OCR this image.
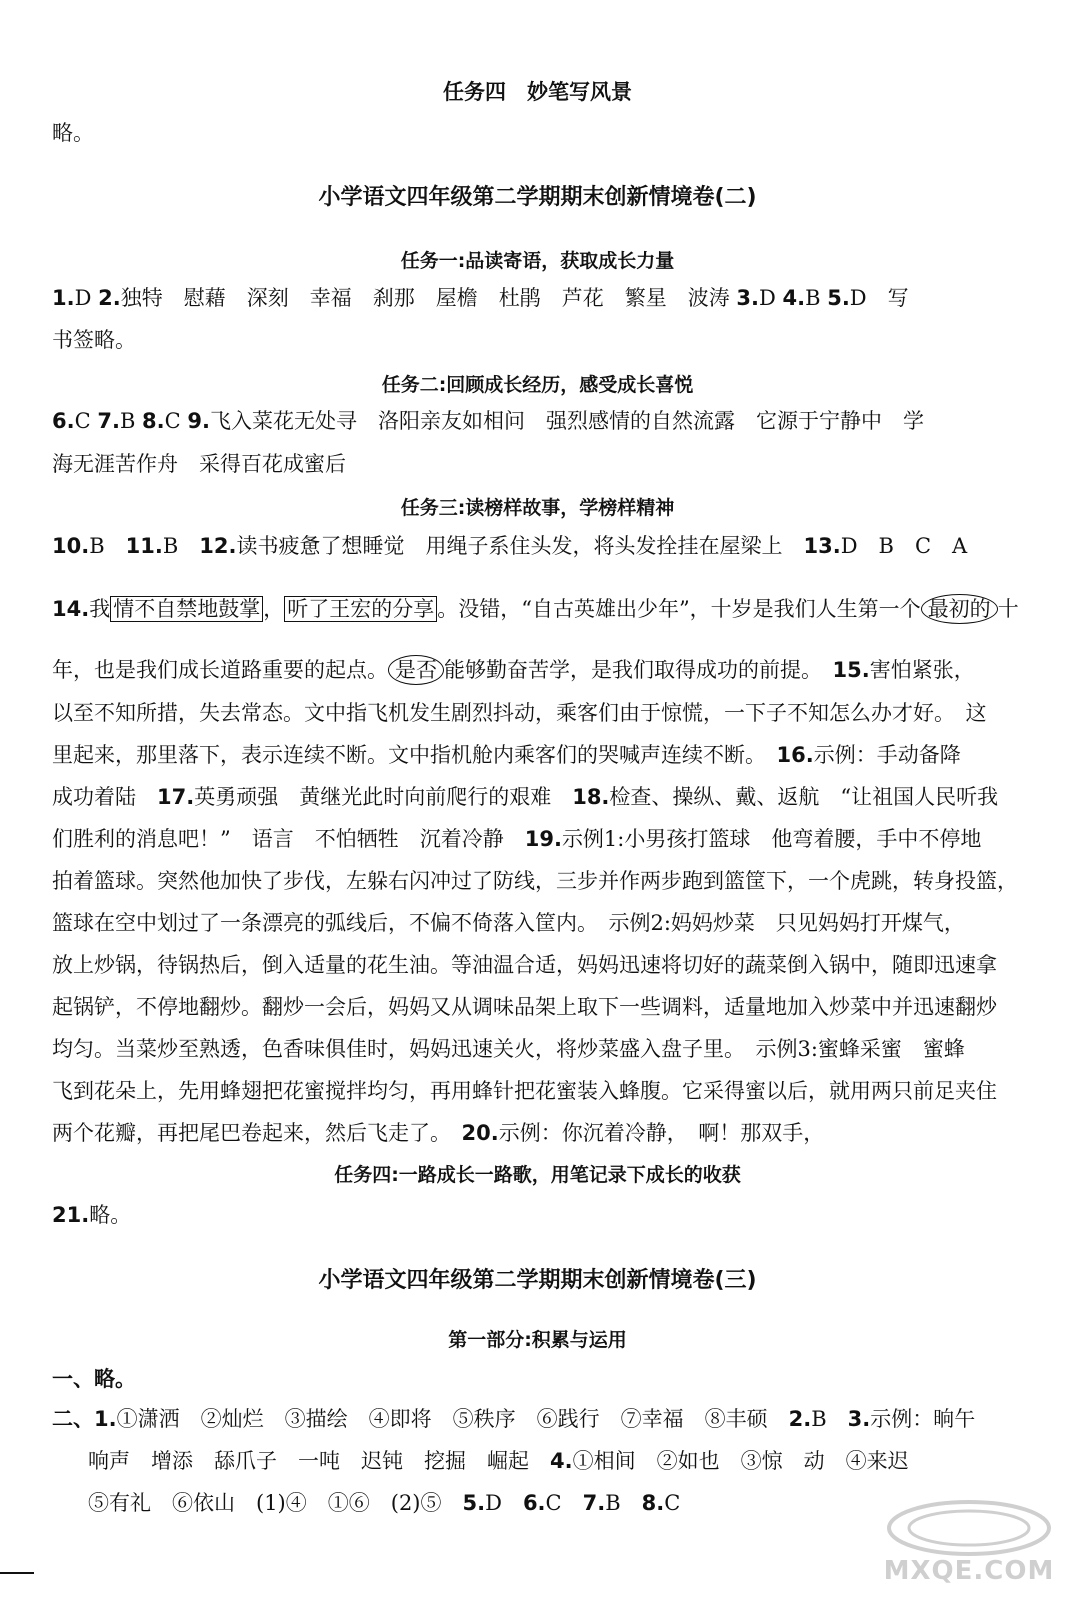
任务四　妙笔写风景
略。
小学语文四年级第二学期期末创新情境卷(二)
任务一:品读寄语，获取成长力量
1.D 2.独特　慰藉　深刻　幸福　刹那　屋檐　杜鹃　芦花　繁星　波涛 3.D 4.B 5.D　写
书签略。
任务二:回顾成长经历，感受成长喜悦
6.C 7.B 8.C 9.飞入菜花无处寻　洛阳亲友如相问　强烈感情的自然流露　它源于宁静中　学
海无涯苦作舟　采得百花成蜜后
任务三:读榜样故事，学榜样精神
10.B　11.B　12.读书疲惫了想睡觉　用绳子系住头发，将头发拴挂在屋梁上　13.D　B　C　A
14.我 情不自禁地鼓掌 ， 听了王宏的分享 。没错，“自古英雄出少年”，十岁是我们人生第一个 最初的 十
年，也是我们成长道路重要的起点。 是否 能够勤奋苦学，是我们取得成功的前提。　15.害怕紧张，
以至不知所措，失去常态。文中指飞机发生剧烈抖动，乘客们由于惊慌，一下子不知怎么办才好。　这
里起来，那里落下，表示连续不断。文中指机舱内乘客们的哭喊声连续不断。　16.示例：手动备降
成功着陆　17.英勇顽强　黄继光此时向前爬行的艰难　18.检查、操纵、戴、返航　“让祖国人民听我
们胜利的消息吧！”　语言　不怕牺牲　沉着冷静　19.示例1:小男孩打篮球　他弯着腰，手中不停地
拍着篮球。突然他加快了步伐，左躲右闪冲过了防线，三步并作两步跑到篮筐下，一个虎跳，转身投篮，
篮球在空中划过了一条漂亮的弧线后，不偏不倚落入筐内。　示例2:妈妈炒菜　只见妈妈打开煤气，
放上炒锅，待锅热后，倒入适量的花生油。等油温合适，妈妈迅速将切好的蔬菜倒入锅中，随即迅速拿
起锅铲，不停地翻炒。翻炒一会后，妈妈又从调味品架上取下一些调料，适量地加入炒菜中并迅速翻炒
均匀。当菜炒至熟透，色香味俱佳时，妈妈迅速关火，将炒菜盛入盘子里。　示例3:蜜蜂采蜜　蜜蜂
飞到花朵上，先用蜂翅把花蜜搅拌均匀，再用蜂针把花蜜装入蜂腹。它采得蜜以后，就用两只前足夹住
两个花瓣，再把尾巴卷起来，然后飞走了。　20.示例：你沉着冷静，　啊！那双手，
任务四:一路成长一路歌，用笔记录下成长的收获
21.略。
小学语文四年级第二学期期末创新情境卷(三)
第一部分:积累与运用
一、略。
二、1.①潇洒　②灿烂　③描绘　④即将　⑤秩序　⑥践行　⑦幸福　⑧丰硕　2.B　3.示例：晌午
响声　增添　舔爪子　一吨　迟钝　挖掘　崛起　4.①相间　②如也　③惊　动　④来迟
⑤有礼　⑥依山　(1)④　①⑥　(2)⑤　5.D　6.C　7.B　8.C
MXQE.COM
